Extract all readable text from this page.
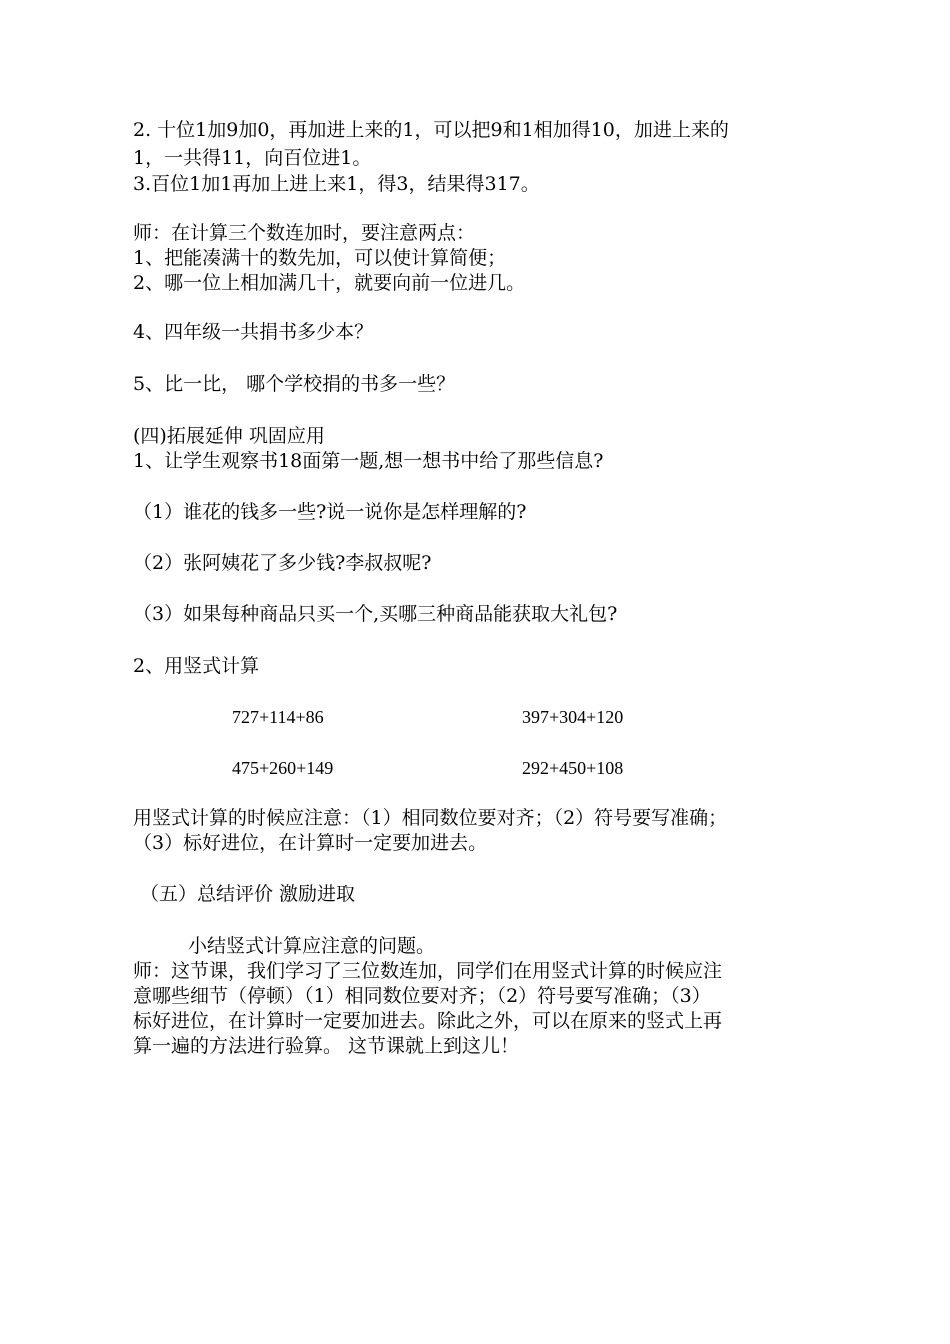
2. 十位1加9加0，再加进上来的1，可以把9和1相加得10，加进上来的
1，一共得11，向百位进1。
3.百位1加1再加上进上来1，得3，结果得317。
师：在计算三个数连加时，要注意两点：
1、把能凑满十的数先加，可以使计算简便；
2、哪一位上相加满几十，就要向前一位进几。
4、四年级一共捐书多少本？
5、比一比， 哪个学校捐的书多一些？
(四)拓展延伸 巩固应用
1、让学生观察书18面第一题,想一想书中给了那些信息?
（1）谁花的钱多一些?说一说你是怎样理解的?
（2）张阿姨花了多少钱?李叔叔呢?
（3）如果每种商品只买一个,买哪三种商品能获取大礼包?
2、用竖式计算
727+114+86	397+304+120
475+260+149	292+450+108
用竖式计算的时候应注意：（1）相同数位要对齐；（2）符号要写准确；
（3）标好进位，在计算时一定要加进去。
（五）总结评价 激励进取
小结竖式计算应注意的问题。
师：这节课，我们学习了三位数连加，同学们在用竖式计算的时候应注
意哪些细节（停顿）（1）相同数位要对齐；（2）符号要写准确；（3）
标好进位，在计算时一定要加进去。除此之外，可以在原来的竖式上再
算一遍的方法进行验算。 这节课就上到这儿！
